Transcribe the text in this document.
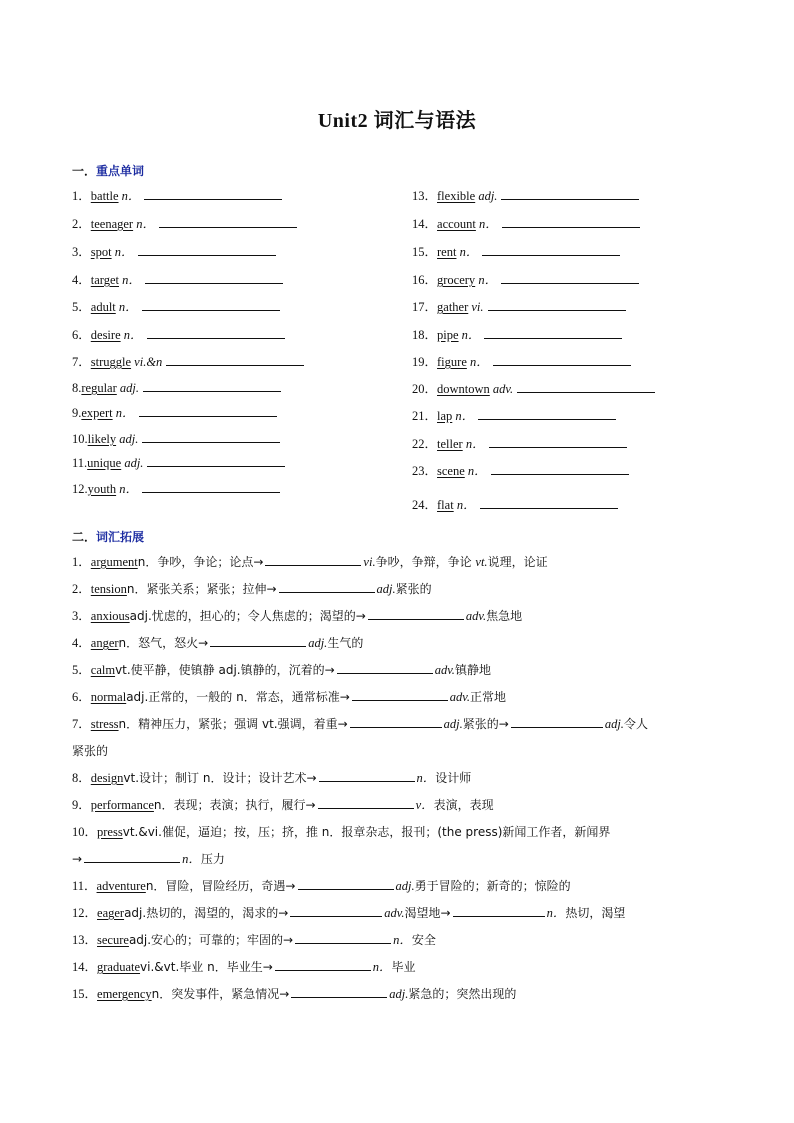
Unit2 词汇与语法
一．重点单词
1．battle n．
2．teenager n．
3．spot n．
4．target n．
5．adult n．
6．desire n．
7．struggle vi.&n
8.regular adj.
9.expert n．
10.likely adj.
11.unique adj.
12.youth n．
13．flexible adj.
14．account n．
15．rent n．
16．grocery n．
17．gather vi.
18．pipe n．
19．figure n．
20．downtown adv.
21．lap n．
22．teller n．
23．scene n．
24．flat n．
二．词汇拓展
1．argumentn．争吵，争论；论点→	vi.争吵，争辩，争论 vt.说理，论证
2．tensionn．紧张关系；紧张；拉伸→	adj.紧张的
3．anxiousadj.忧虑的，担心的；令人焦虑的；渴望的→	adv.焦急地
4．angern．怒气，怒火→	adj.生气的
5．calmvt.使平静，使镇静 adj.镇静的，沉着的→	adv.镇静地
6．normaladj.正常的，一般的 n．常态，通常标准→	adv.正常地
7．stressn．精神压力，紧张；强调 vt.强调，着重→	adj.紧张的→	adj.令人
紧张的
8．designvt.设计；制订 n．设计；设计艺术→	n．设计师
9．performancen．表现；表演；执行，履行→	v．表演，表现
10．pressvt.&vi.催促，逼迫；按，压；挤，推 n．报章杂志，报刊；(the press)新闻工作者，新闻界
→	n．压力
11．adventuren．冒险，冒险经历，奇遇→	adj.勇于冒险的；新奇的；惊险的
12．eageradj.热切的，渴望的，渴求的→	adv.渴望地→	n．热切，渴望
13．secureadj.安心的；可靠的；牢固的→	n．安全
14．graduatevi.&vt.毕业 n．毕业生→	n．毕业
15．emergencyn．突发事件，紧急情况→	adj.紧急的；突然出现的
